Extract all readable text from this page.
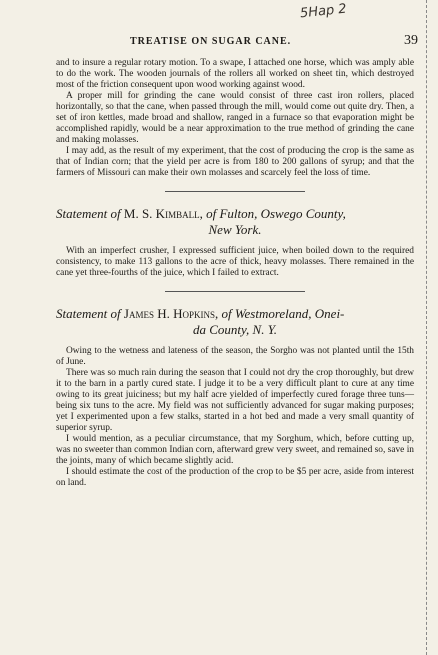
5Hap 2
TREATISE ON SUGAR CANE.	39

and to insure a regular rotary motion. To a swape, I attached one horse, which was amply able to do the work. The wooden journals of the rollers all worked on sheet tin, which destroyed most of the friction consequent upon wood working against wood.

A proper mill for grinding the cane would consist of three cast iron rollers, placed horizontally, so that the cane, when passed through the mill, would come out quite dry. Then, a set of iron kettles, made broad and shallow, ranged in a furnace so that evaporation might be accomplished rapidly, would be a near approximation to the true method of grinding the cane and making molasses.

I may add, as the result of my experiment, that the cost of producing the crop is the same as that of Indian corn; that the yield per acre is from 180 to 200 gallons of syrup; and that the farmers of Missouri can make their own molasses and scarcely feel the loss of time.

Statement of M. S. Kimball, of Fulton, Oswego County,

New York.

With an imperfect crusher, I expressed sufficient juice, when boiled down to the required consistency, to make 113 gallons to the acre of thick, heavy molasses. There remained in the cane yet three-fourths of the juice, which I failed to extract.

Statement of James H. Hopkins, of Westmoreland, Onei-

da County, N. Y.

Owing to the wetness and lateness of the season, the Sorgho was not planted until the 15th of June.

There was so much rain during the season that I could not dry the crop thoroughly, but drew it to the barn in a partly cured state. I judge it to be a very difficult plant to cure at any time owing to its great juiciness; but my half acre yielded of imperfectly cured forage three tuns—being six tuns to the acre. My field was not sufficiently advanced for sugar making purposes; yet I experimented upon a few stalks, started in a hot bed and made a very small quantity of superior syrup.

I would mention, as a peculiar circumstance, that my Sorghum, which, before cutting up, was no sweeter than common Indian corn, afterward grew very sweet, and remained so, save in the joints, many of which became slightly acid.

I should estimate the cost of the production of the crop to be $5 per acre, aside from interest on land.
